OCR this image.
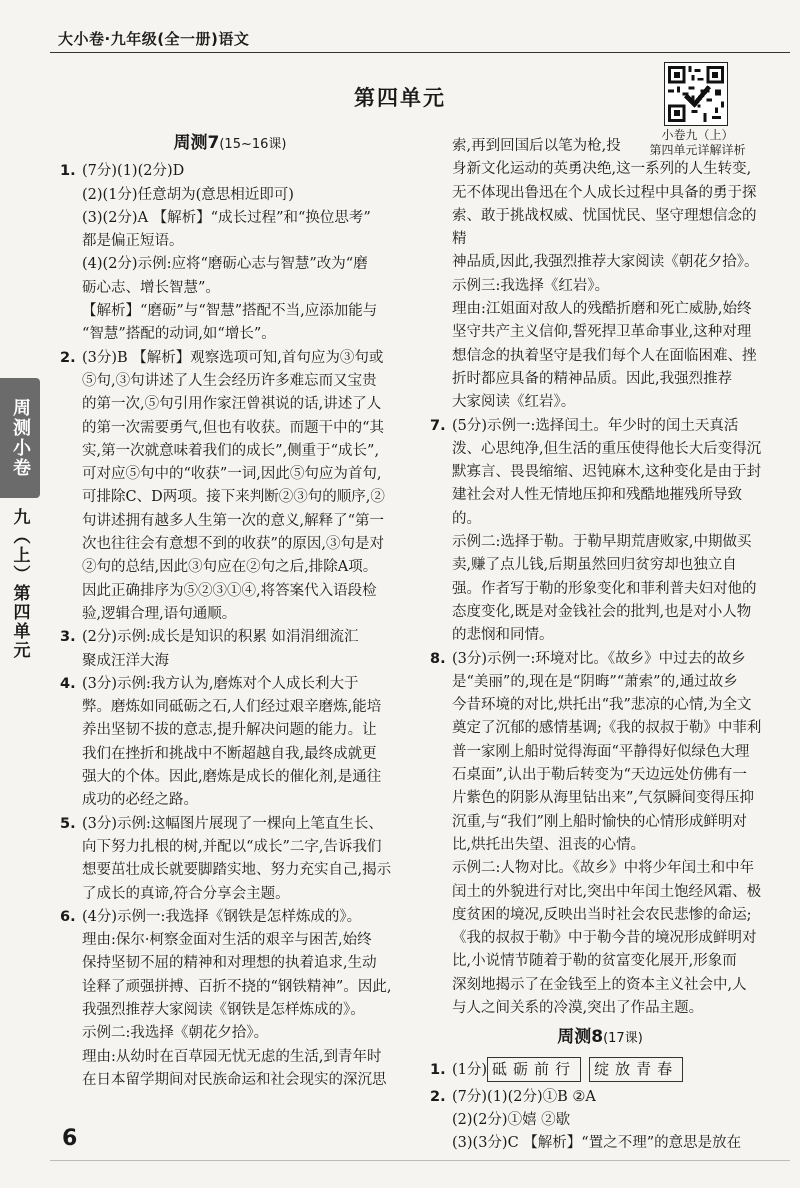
大小卷·九年级(全一册)语文
第四单元
小卷九（上）
第四单元详解详析
周测小卷
九（上）第四单元
周测7(15~16课)
1. (7分)(1)(2分)D
(2)(1分)任意胡为(意思相近即可)
(3)(2分)A 【解析】“成长过程”和“换位思考”
都是偏正短语。
(4)(2分)示例:应将“磨砺心志与智慧”改为“磨
砺心志、增长智慧”。
【解析】“磨砺”与“智慧”搭配不当,应添加能与
“智慧”搭配的动词,如“增长”。
2. (3分)B 【解析】观察选项可知,首句应为③句或
⑤句,③句讲述了人生会经历许多难忘而又宝贵
的第一次,⑤句引用作家汪曾祺说的话,讲述了人
的第一次需要勇气,但也有收获。而题干中的“其
实,第一次就意味着我们的成长”,侧重于“成长”,
可对应⑤句中的“收获”一词,因此⑤句应为首句,
可排除C、D两项。接下来判断②③句的顺序,②
句讲述拥有越多人生第一次的意义,解释了“第一
次也往往会有意想不到的收获”的原因,③句是对
②句的总结,因此③句应在②句之后,排除A项。
因此正确排序为⑤②③①④,将答案代入语段检
验,逻辑合理,语句通顺。
3. (2分)示例:成长是知识的积累 如涓涓细流汇
聚成汪洋大海
4. (3分)示例:我方认为,磨炼对个人成长利大于
弊。磨炼如同砥砺之石,人们经过艰辛磨炼,能培
养出坚韧不拔的意志,提升解决问题的能力。让
我们在挫折和挑战中不断超越自我,最终成就更
强大的个体。因此,磨炼是成长的催化剂,是通往
成功的必经之路。
5. (3分)示例:这幅图片展现了一棵向上笔直生长、
向下努力扎根的树,并配以“成长”二字,告诉我们
想要茁壮成长就要脚踏实地、努力充实自己,揭示
了成长的真谛,符合分享会主题。
6. (4分)示例一:我选择《钢铁是怎样炼成的》。
理由:保尔·柯察金面对生活的艰辛与困苦,始终
保持坚韧不屈的精神和对理想的执着追求,生动
诠释了顽强拼搏、百折不挠的“钢铁精神”。因此,
我强烈推荐大家阅读《钢铁是怎样炼成的》。
示例二:我选择《朝花夕拾》。
理由:从幼时在百草园无忧无虑的生活,到青年时
在日本留学期间对民族命运和社会现实的深沉思
索,再到回国后以笔为枪,投
身新文化运动的英勇决绝,这一系列的人生转变,
无不体现出鲁迅在个人成长过程中具备的勇于探
索、敢于挑战权威、忧国忧民、坚守理想信念的精
神品质,因此,我强烈推荐大家阅读《朝花夕拾》。
示例三:我选择《红岩》。
理由:江姐面对敌人的残酷折磨和死亡威胁,始终
坚守共产主义信仰,誓死捍卫革命事业,这种对理
想信念的执着坚守是我们每个人在面临困难、挫
折时都应具备的精神品质。因此,我强烈推荐
大家阅读《红岩》。
7. (5分)示例一:选择闰土。年少时的闰土天真活
泼、心思纯净,但生活的重压使得他长大后变得沉
默寡言、畏畏缩缩、迟钝麻木,这种变化是由于封
建社会对人性无情地压抑和残酷地摧残所导致的。
示例二:选择于勒。于勒早期荒唐败家,中期做买
卖,赚了点儿钱,后期虽然回归贫穷却也独立自
强。作者写于勒的形象变化和菲利普夫妇对他的
态度变化,既是对金钱社会的批判,也是对小人物
的悲悯和同情。
8. (3分)示例一:环境对比。《故乡》中过去的故乡
是“美丽”的,现在是“阴晦”“萧索”的,通过故乡
今昔环境的对比,烘托出“我”悲凉的心情,为全文
奠定了沉郁的感情基调;《我的叔叔于勒》中菲利
普一家刚上船时觉得海面“平静得好似绿色大理
石桌面”,认出于勒后转变为“天边远处仿佛有一
片紫色的阴影从海里钻出来”,气氛瞬间变得压抑
沉重,与“我们”刚上船时愉快的心情形成鲜明对
比,烘托出失望、沮丧的心情。
示例二:人物对比。《故乡》中将少年闰土和中年
闰土的外貌进行对比,突出中年闰土饱经风霜、极
度贫困的境况,反映出当时社会农民悲惨的命运;
《我的叔叔于勒》中于勒今昔的境况形成鲜明对
比,小说情节随着于勒的贫富变化展开,形象而
深刻地揭示了在金钱至上的资本主义社会中,人
与人之间关系的冷漠,突出了作品主题。
周测8(17课)
1. (1分) 砥砺前行	绽放青春
2. (7分)(1)(2分)①B ②A
(2)(2分)①嬉 ②歇
(3)(3分)C 【解析】“置之不理”的意思是放在
6
